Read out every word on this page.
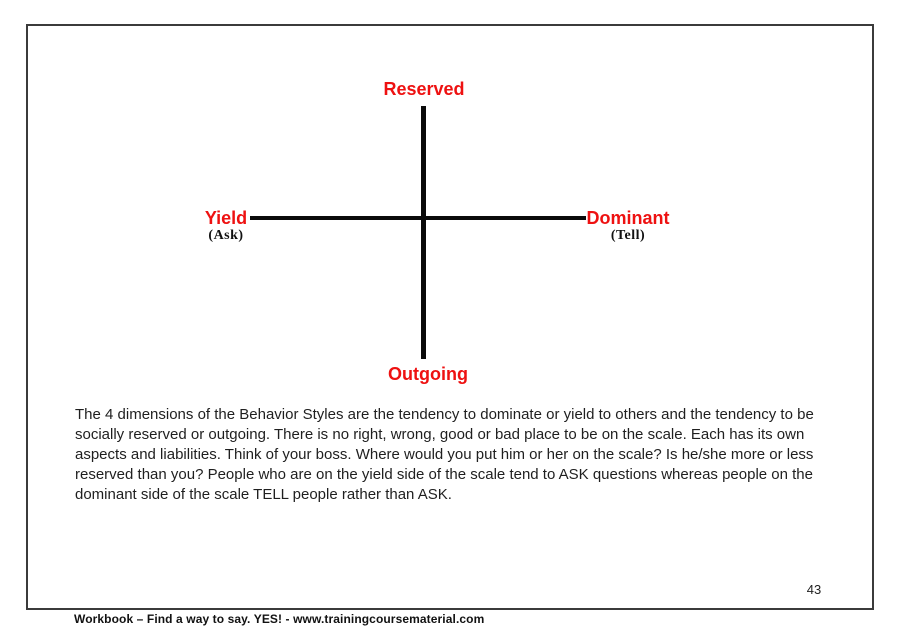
Reserved
Yield
(Ask)
Dominant
(Tell)
Outgoing
The 4 dimensions of the Behavior Styles are the tendency to dominate or yield to others and the tendency to be socially reserved or outgoing. There is no right, wrong, good or bad place to be on the scale. Each has its own aspects and liabilities. Think of your boss. Where would you put him or her on the scale? Is he/she more or less reserved than you? People who are on the yield side of the scale tend to ASK questions whereas people on the dominant side of the scale TELL people rather than ASK.
43
Workbook – Find a way to say. YES! - www.trainingcoursematerial.com
